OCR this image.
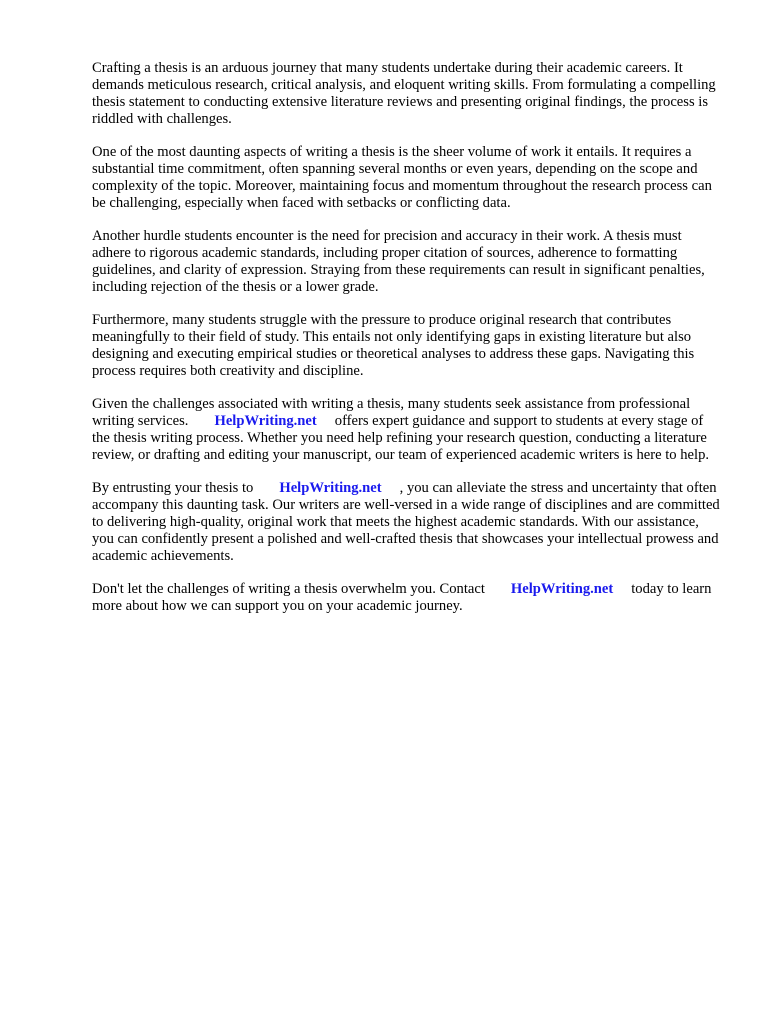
Crafting a thesis is an arduous journey that many students undertake during their academic careers. It demands meticulous research, critical analysis, and eloquent writing skills. From formulating a compelling thesis statement to conducting extensive literature reviews and presenting original findings, the process is riddled with challenges.

One of the most daunting aspects of writing a thesis is the sheer volume of work it entails. It requires a substantial time commitment, often spanning several months or even years, depending on the scope and complexity of the topic. Moreover, maintaining focus and momentum throughout the research process can be challenging, especially when faced with setbacks or conflicting data.

Another hurdle students encounter is the need for precision and accuracy in their work. A thesis must adhere to rigorous academic standards, including proper citation of sources, adherence to formatting guidelines, and clarity of expression. Straying from these requirements can result in significant penalties, including rejection of the thesis or a lower grade.

Furthermore, many students struggle with the pressure to produce original research that contributes meaningfully to their field of study. This entails not only identifying gaps in existing literature but also designing and executing empirical studies or theoretical analyses to address these gaps. Navigating this process requires both creativity and discipline.

Given the challenges associated with writing a thesis, many students seek assistance from professional writing services. HelpWriting.net offers expert guidance and support to students at every stage of the thesis writing process. Whether you need help refining your research question, conducting a literature review, or drafting and editing your manuscript, our team of experienced academic writers is here to help.

By entrusting your thesis to HelpWriting.net , you can alleviate the stress and uncertainty that often accompany this daunting task. Our writers are well-versed in a wide range of disciplines and are committed to delivering high-quality, original work that meets the highest academic standards. With our assistance, you can confidently present a polished and well-crafted thesis that showcases your intellectual prowess and academic achievements.

Don't let the challenges of writing a thesis overwhelm you. Contact HelpWriting.net today to learn more about how we can support you on your academic journey.
